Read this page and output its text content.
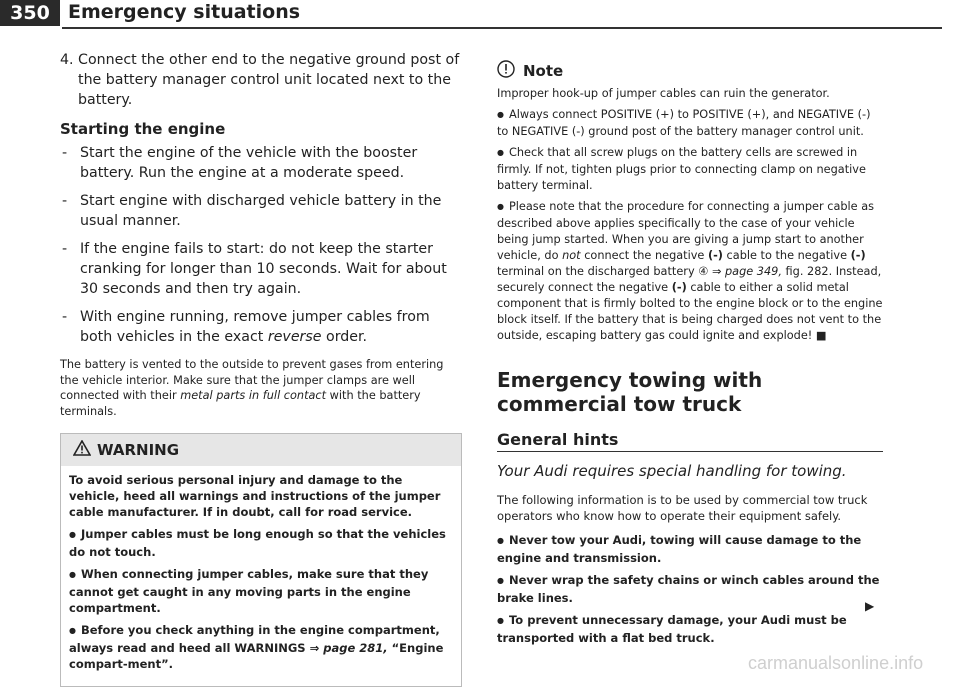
350 Emergency situations

4. Connect the other end to the negative ground post of the battery manager control unit located next to the battery.

Starting the engine

- Start the engine of the vehicle with the booster battery. Run the engine at a moderate speed.

- Start engine with discharged vehicle battery in the usual manner.

- If the engine fails to start: do not keep the starter cranking for longer than 10 seconds. Wait for about 30 seconds and then try again.

- With engine running, remove jumper cables from both vehicles in the exact reverse order.

The battery is vented to the outside to prevent gases from entering the vehicle interior. Make sure that the jumper clamps are well connected with their metal parts in full contact with the battery terminals.

WARNING

To avoid serious personal injury and damage to the vehicle, heed all warnings and instructions of the jumper cable manufacturer. If in doubt, call for road service.

● Jumper cables must be long enough so that the vehicles do not touch.

● When connecting jumper cables, make sure that they cannot get caught in any moving parts in the engine compartment.

● Before you check anything in the engine compartment, always read and heed all WARNINGS ⇒ page 281, “Engine compart-ment”.

Note

Improper hook-up of jumper cables can ruin the generator.

● Always connect POSITIVE (+) to POSITIVE (+), and NEGATIVE (-) to NEGATIVE (-) ground post of the battery manager control unit.

● Check that all screw plugs on the battery cells are screwed in firmly. If not, tighten plugs prior to connecting clamp on negative battery terminal.

● Please note that the procedure for connecting a jumper cable as described above applies specifically to the case of your vehicle being jump started. When you are giving a jump start to another vehicle, do not connect the negative (-) cable to the negative (-) terminal on the discharged battery ④ ⇒ page 349, fig. 282. Instead, securely connect the negative (-) cable to either a solid metal component that is firmly bolted to the engine block or to the engine block itself. If the battery that is being charged does not vent to the outside, escaping battery gas could ignite and explode! ■

Emergency towing with commercial tow truck

General hints

Your Audi requires special handling for towing.

The following information is to be used by commercial tow truck operators who know how to operate their equipment safely.

● Never tow your Audi, towing will cause damage to the engine and transmission.

● Never wrap the safety chains or winch cables around the brake lines.

● To prevent unnecessary damage, your Audi must be transported with a flat bed truck.

▶
carmanualsonline.info
